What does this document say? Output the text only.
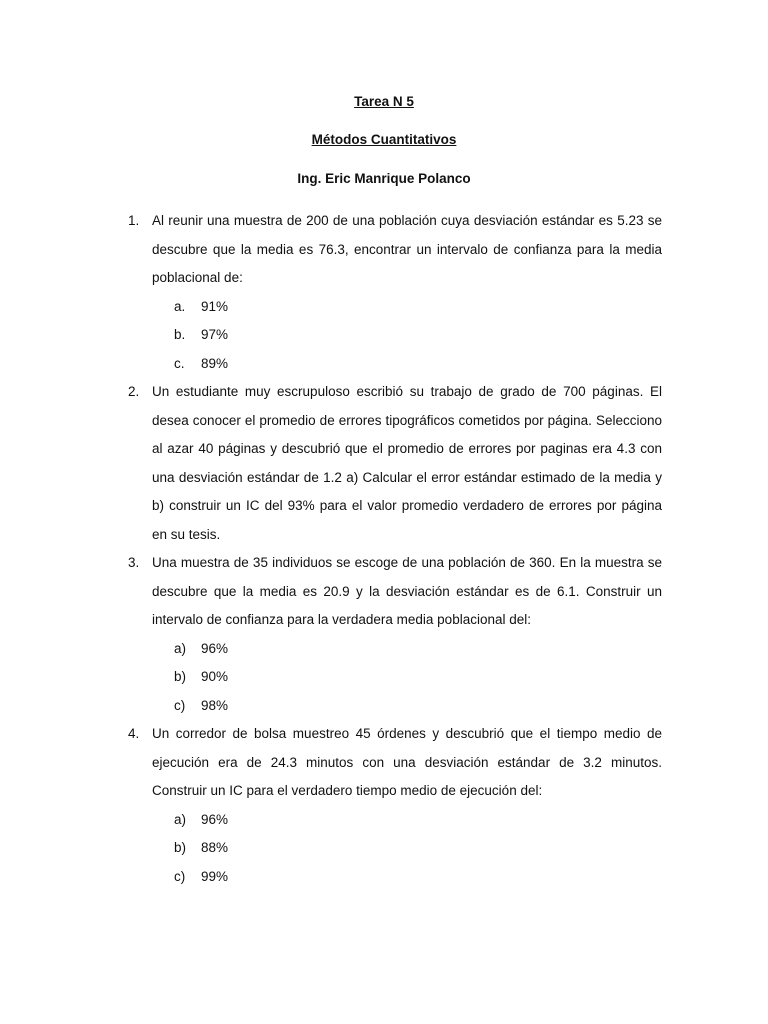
Tarea N 5
Métodos Cuantitativos
Ing. Eric Manrique Polanco
1. Al reunir una muestra de 200 de una población cuya desviación estándar es 5.23 se descubre que la media es 76.3, encontrar un intervalo de confianza para la media poblacional de:
a. 91%
b. 97%
c. 89%
2. Un estudiante muy escrupuloso escribió su trabajo de grado de 700 páginas. El desea conocer el promedio de errores tipográficos cometidos por página. Selecciono al azar 40 páginas y descubrió que el promedio de errores por paginas era 4.3 con una desviación estándar de 1.2 a) Calcular el error estándar estimado de la media y b) construir un IC del 93% para el valor promedio verdadero de errores por página en su tesis.
3. Una muestra de 35 individuos se escoge de una población de 360. En la muestra se descubre que la media es 20.9 y la desviación estándar es de 6.1. Construir un intervalo de confianza para la verdadera media poblacional del:
a) 96%
b) 90%
c) 98%
4. Un corredor de bolsa muestreo 45 órdenes y descubrió que el tiempo medio de ejecución era de 24.3 minutos con una desviación estándar de 3.2 minutos. Construir un IC para el verdadero tiempo medio de ejecución del:
a) 96%
b) 88%
c) 99%
